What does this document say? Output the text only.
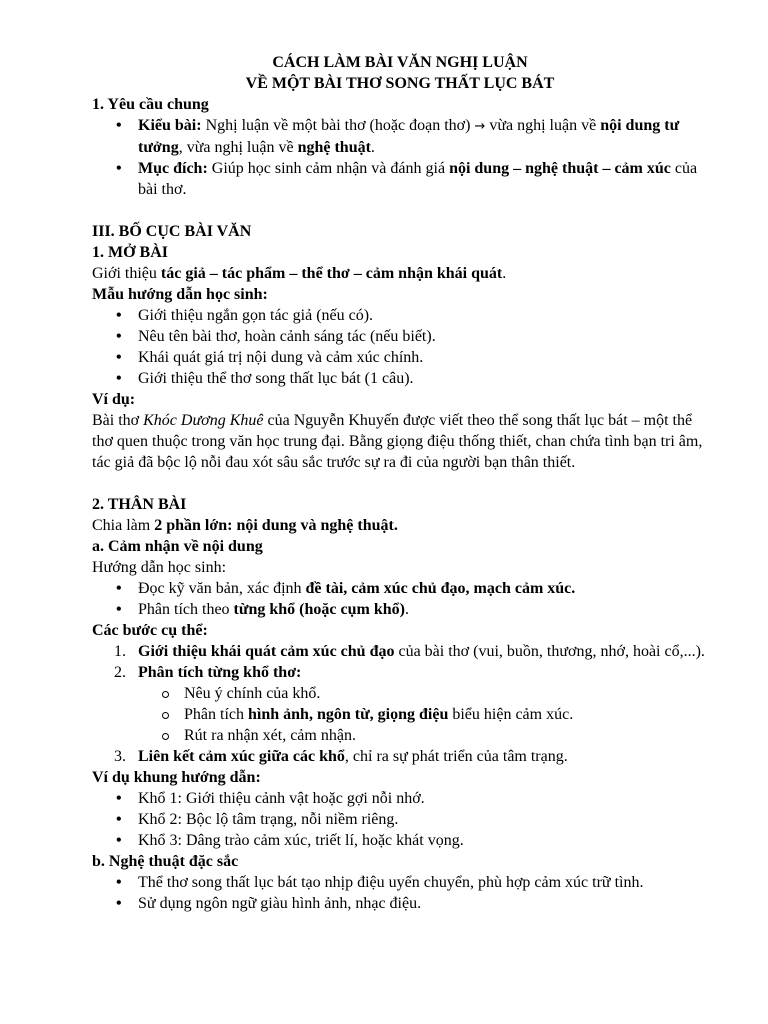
CÁCH LÀM BÀI VĂN NGHỊ LUẬN
VỀ MỘT BÀI THƠ SONG THẤT LỤC BÁT
1. Yêu cầu chung
• Kiểu bài: Nghị luận về một bài thơ (hoặc đoạn thơ) → vừa nghị luận về nội dung tư tưởng, vừa nghị luận về nghệ thuật.
• Mục đích: Giúp học sinh cảm nhận và đánh giá nội dung – nghệ thuật – cảm xúc của bài thơ.
III. BỐ CỤC BÀI VĂN
1. MỞ BÀI

Giới thiệu tác giả – tác phẩm – thể thơ – cảm nhận khái quát.

Mẫu hướng dẫn học sinh:
• Giới thiệu ngắn gọn tác giả (nếu có).
• Nêu tên bài thơ, hoàn cảnh sáng tác (nếu biết).
• Khái quát giá trị nội dung và cảm xúc chính.
• Giới thiệu thể thơ song thất lục bát (1 câu).
Ví dụ:

Bài thơ Khóc Dương Khuê của Nguyễn Khuyến được viết theo thể song thất lục bát – một thể thơ quen thuộc trong văn học trung đại. Bằng giọng điệu thống thiết, chan chứa tình bạn tri âm, tác giả đã bộc lộ nỗi đau xót sâu sắc trước sự ra đi của người bạn thân thiết.

2. THÂN BÀI

Chia làm 2 phần lớn: nội dung và nghệ thuật.

a. Cảm nhận về nội dung

Hướng dẫn học sinh:

• Đọc kỹ văn bản, xác định đề tài, cảm xúc chủ đạo, mạch cảm xúc.
• Phân tích theo từng khổ (hoặc cụm khổ).
Các bước cụ thể:
1. Giới thiệu khái quát cảm xúc chủ đạo của bài thơ (vui, buồn, thương, nhớ, hoài cổ,...).
2. Phân tích từng khổ thơ:
Nêu ý chính của khổ.
Phân tích hình ảnh, ngôn từ, giọng điệu biểu hiện cảm xúc.
Rút ra nhận xét, cảm nhận.
3. Liên kết cảm xúc giữa các khổ, chỉ ra sự phát triển của tâm trạng.
Ví dụ khung hướng dẫn:
• Khổ 1: Giới thiệu cảnh vật hoặc gợi nỗi nhớ.
• Khổ 2: Bộc lộ tâm trạng, nỗi niềm riêng.
• Khổ 3: Dâng trào cảm xúc, triết lí, hoặc khát vọng.
b. Nghệ thuật đặc sắc
• Thể thơ song thất lục bát tạo nhịp điệu uyển chuyển, phù hợp cảm xúc trữ tình.
• Sử dụng ngôn ngữ giàu hình ảnh, nhạc điệu.
